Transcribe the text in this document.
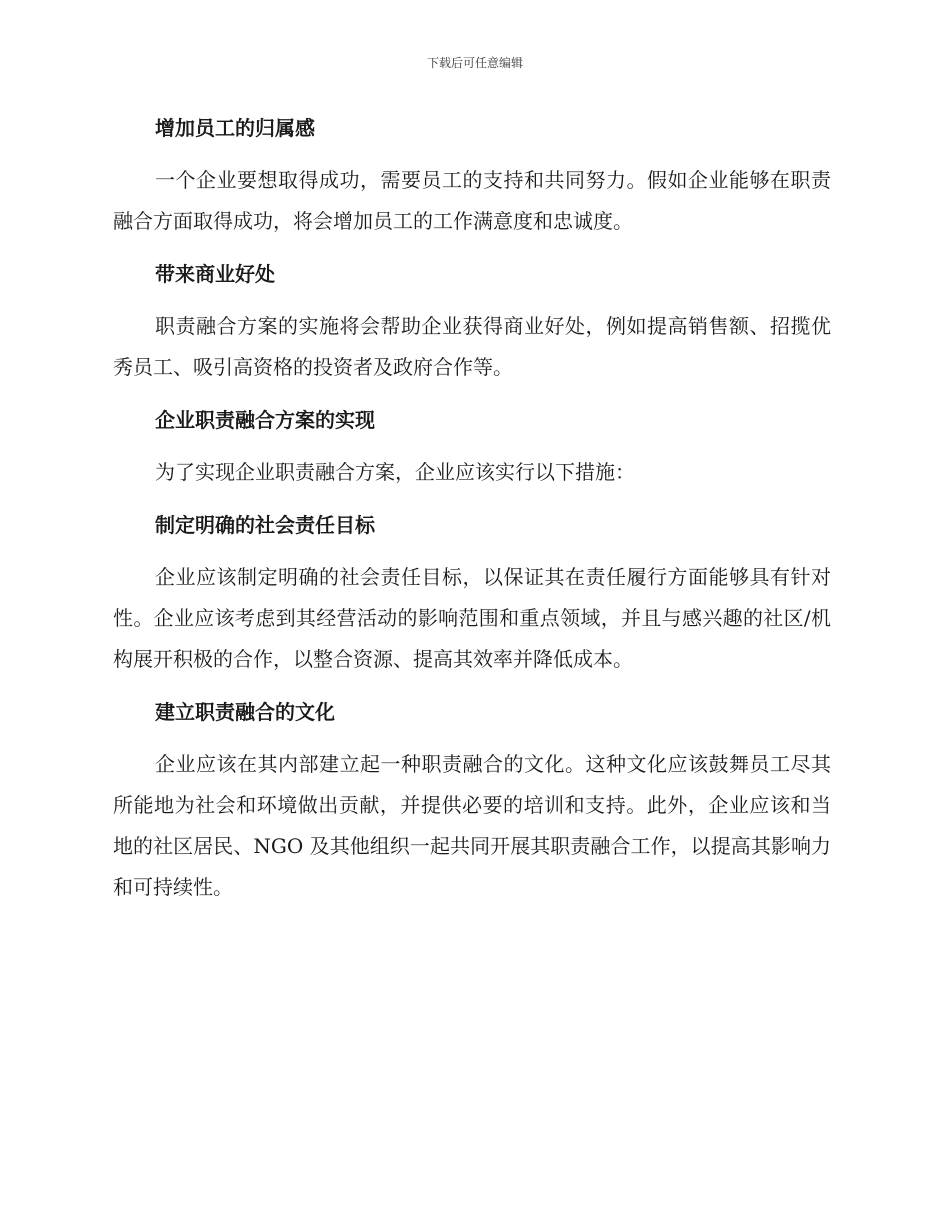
下载后可任意编辑
增加员工的归属感
一个企业要想取得成功，需要员工的支持和共同努力。假如企业能够在职责融合方面取得成功，将会增加员工的工作满意度和忠诚度。
带来商业好处
职责融合方案的实施将会帮助企业获得商业好处，例如提高销售额、招揽优秀员工、吸引高资格的投资者及政府合作等。
企业职责融合方案的实现
为了实现企业职责融合方案，企业应该实行以下措施：
制定明确的社会责任目标
企业应该制定明确的社会责任目标，以保证其在责任履行方面能够具有针对性。企业应该考虑到其经营活动的影响范围和重点领域，并且与感兴趣的社区/机构展开积极的合作，以整合资源、提高其效率并降低成本。
建立职责融合的文化
企业应该在其内部建立起一种职责融合的文化。这种文化应该鼓舞员工尽其所能地为社会和环境做出贡献，并提供必要的培训和支持。此外，企业应该和当地的社区居民、NGO 及其他组织一起共同开展其职责融合工作，以提高其影响力和可持续性。
